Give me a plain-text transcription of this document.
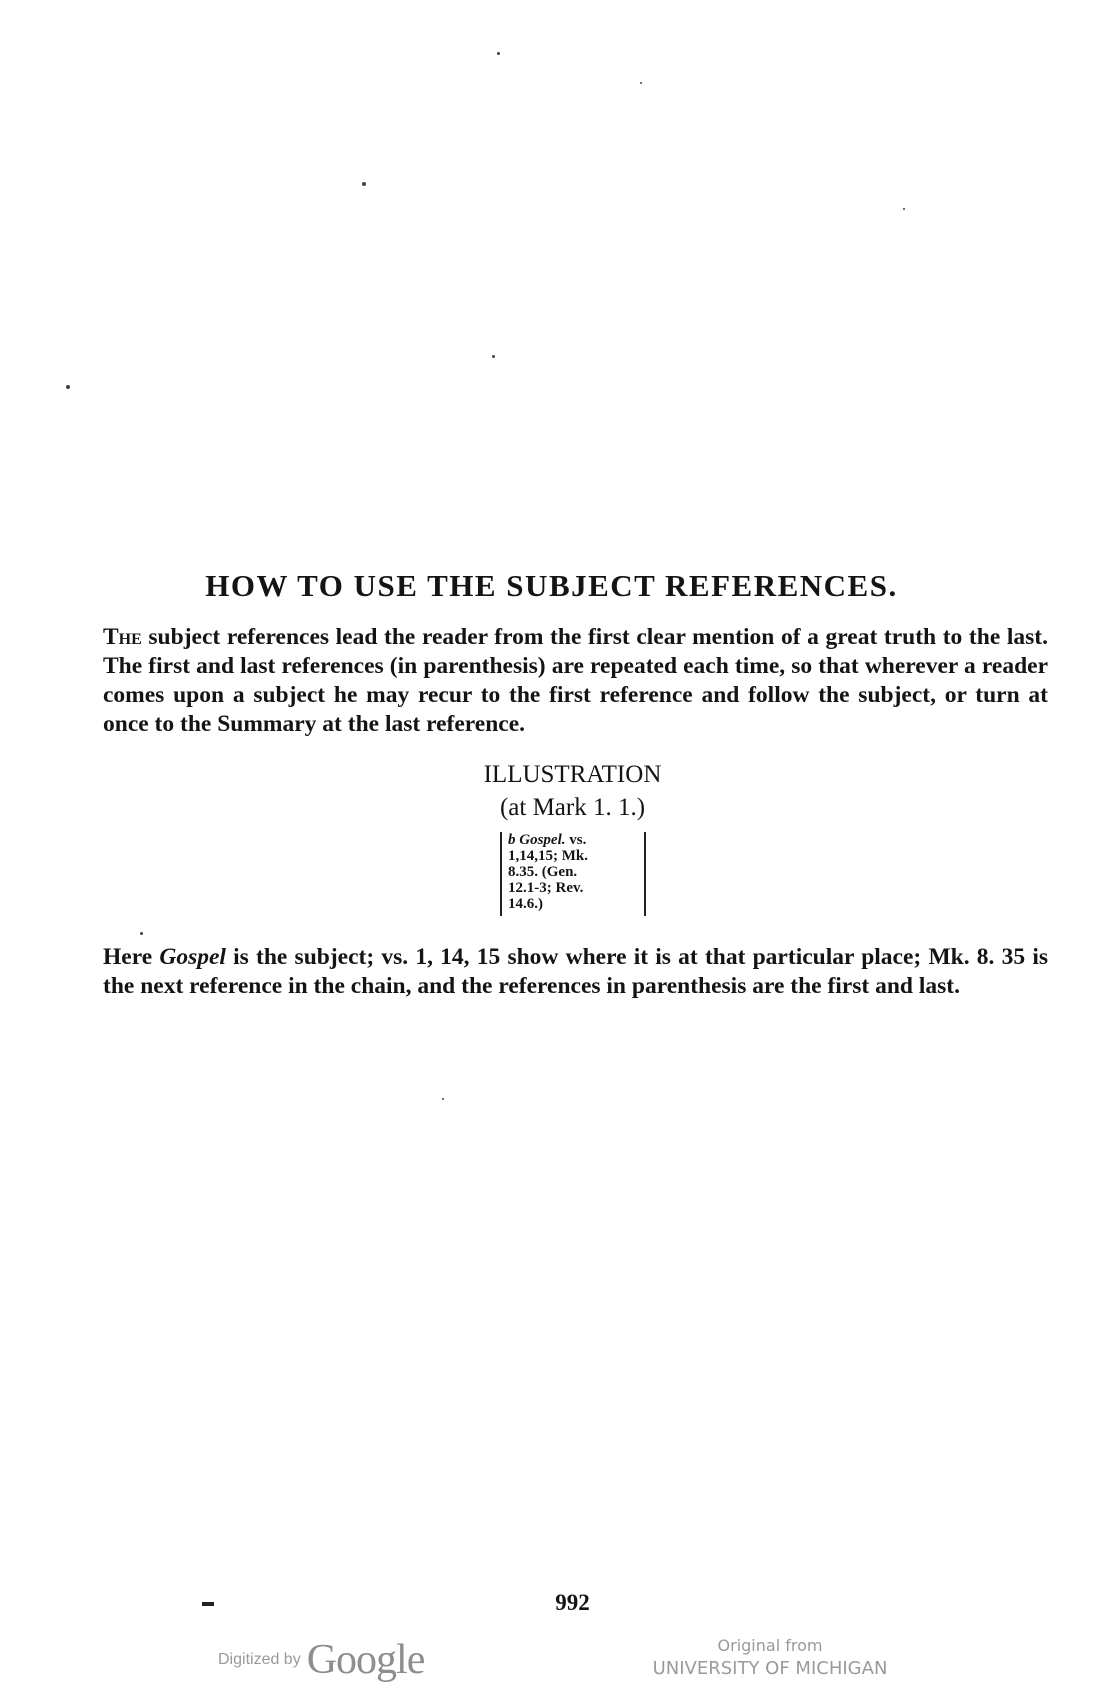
HOW TO USE THE SUBJECT REFERENCES.
The subject references lead the reader from the first clear mention of a great truth to the last. The first and last references (in parenthesis) are repeated each time, so that wherever a reader comes upon a subject he may recur to the first reference and follow the subject, or turn at once to the Summary at the last reference.
ILLUSTRATION
(at Mark 1. 1.)
b Gospel. vs.
1,14,15; Mk.
8.35. (Gen.
12.1-3; Rev.
14.6.)
Here Gospel is the subject; vs. 1, 14, 15 show where it is at that particular place; Mk. 8. 35 is the next reference in the chain, and the references in parenthesis are the first and last.
992
Digitized by Google	Original from
UNIVERSITY OF MICHIGAN
